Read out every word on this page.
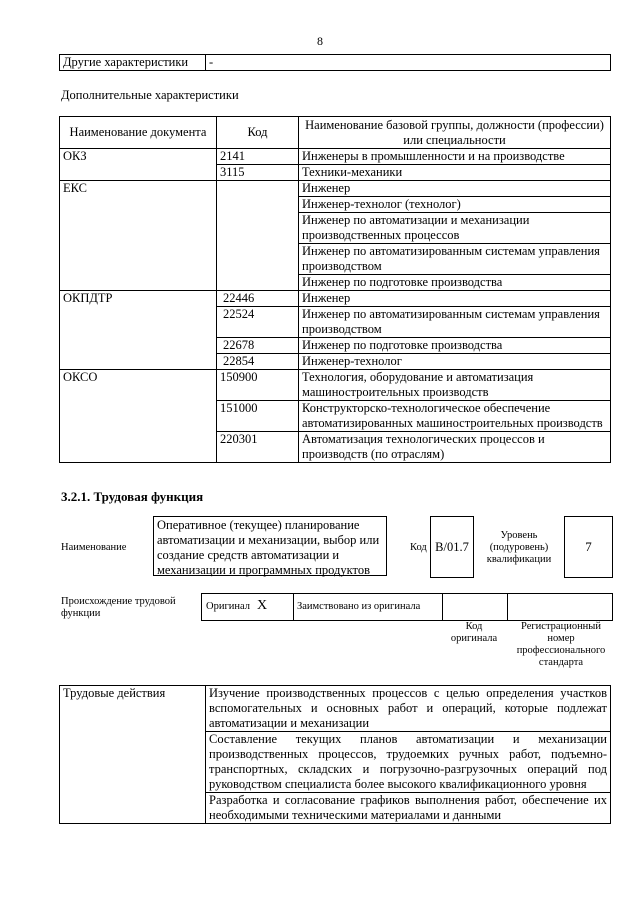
8
Другие характеристики	-
Дополнительные характеристики
Наименование документа	Код	Наименование базовой группы, должности (профессии) или специальности
ОКЗ	2141	Инженеры в промышленности и на производстве
	3115	Техники-механики
ЕКС		Инженер
		Инженер-технолог (технолог)
		Инженер по автоматизации и механизации производственных процессов
		Инженер по автоматизированным системам управления производством
		Инженер по подготовке производства
ОКПДТР	22446	Инженер
	22524	Инженер по автоматизированным системам управления производством
	22678	Инженер по подготовке производства
	22854	Инженер-технолог
ОКСО	150900	Технология, оборудование и автоматизация машиностроительных производств
	151000	Конструкторско-технологическое обеспечение автоматизированных машиностроительных производств
	220301	Автоматизация технологических процессов и производств (по отраслям)
3.2.1. Трудовая функция
Наименование
Оперативное (текущее) планирование автоматизации и механизации, выбор или создание средств автоматизации и механизации и программных продуктов
Код B/01.7
Уровень (подуровень) квалификации
7
Происхождение трудовой функции
Оригинал X	Заимствовано из оригинала
Код оригинала
Регистрационный номер профессионального стандарта
Трудовые действия	Изучение производственных процессов с целью определения участков вспомогательных и основных работ и операций, которые подлежат автоматизации и механизации
Составление текущих планов автоматизации и механизации производственных процессов, трудоемких ручных работ, подъемно-транспортных, складских и погрузочно-разгрузочных операций под руководством специалиста более высокого квалификационного уровня
Разработка и согласование графиков выполнения работ, обеспечение их необходимыми техническими материалами и данными
